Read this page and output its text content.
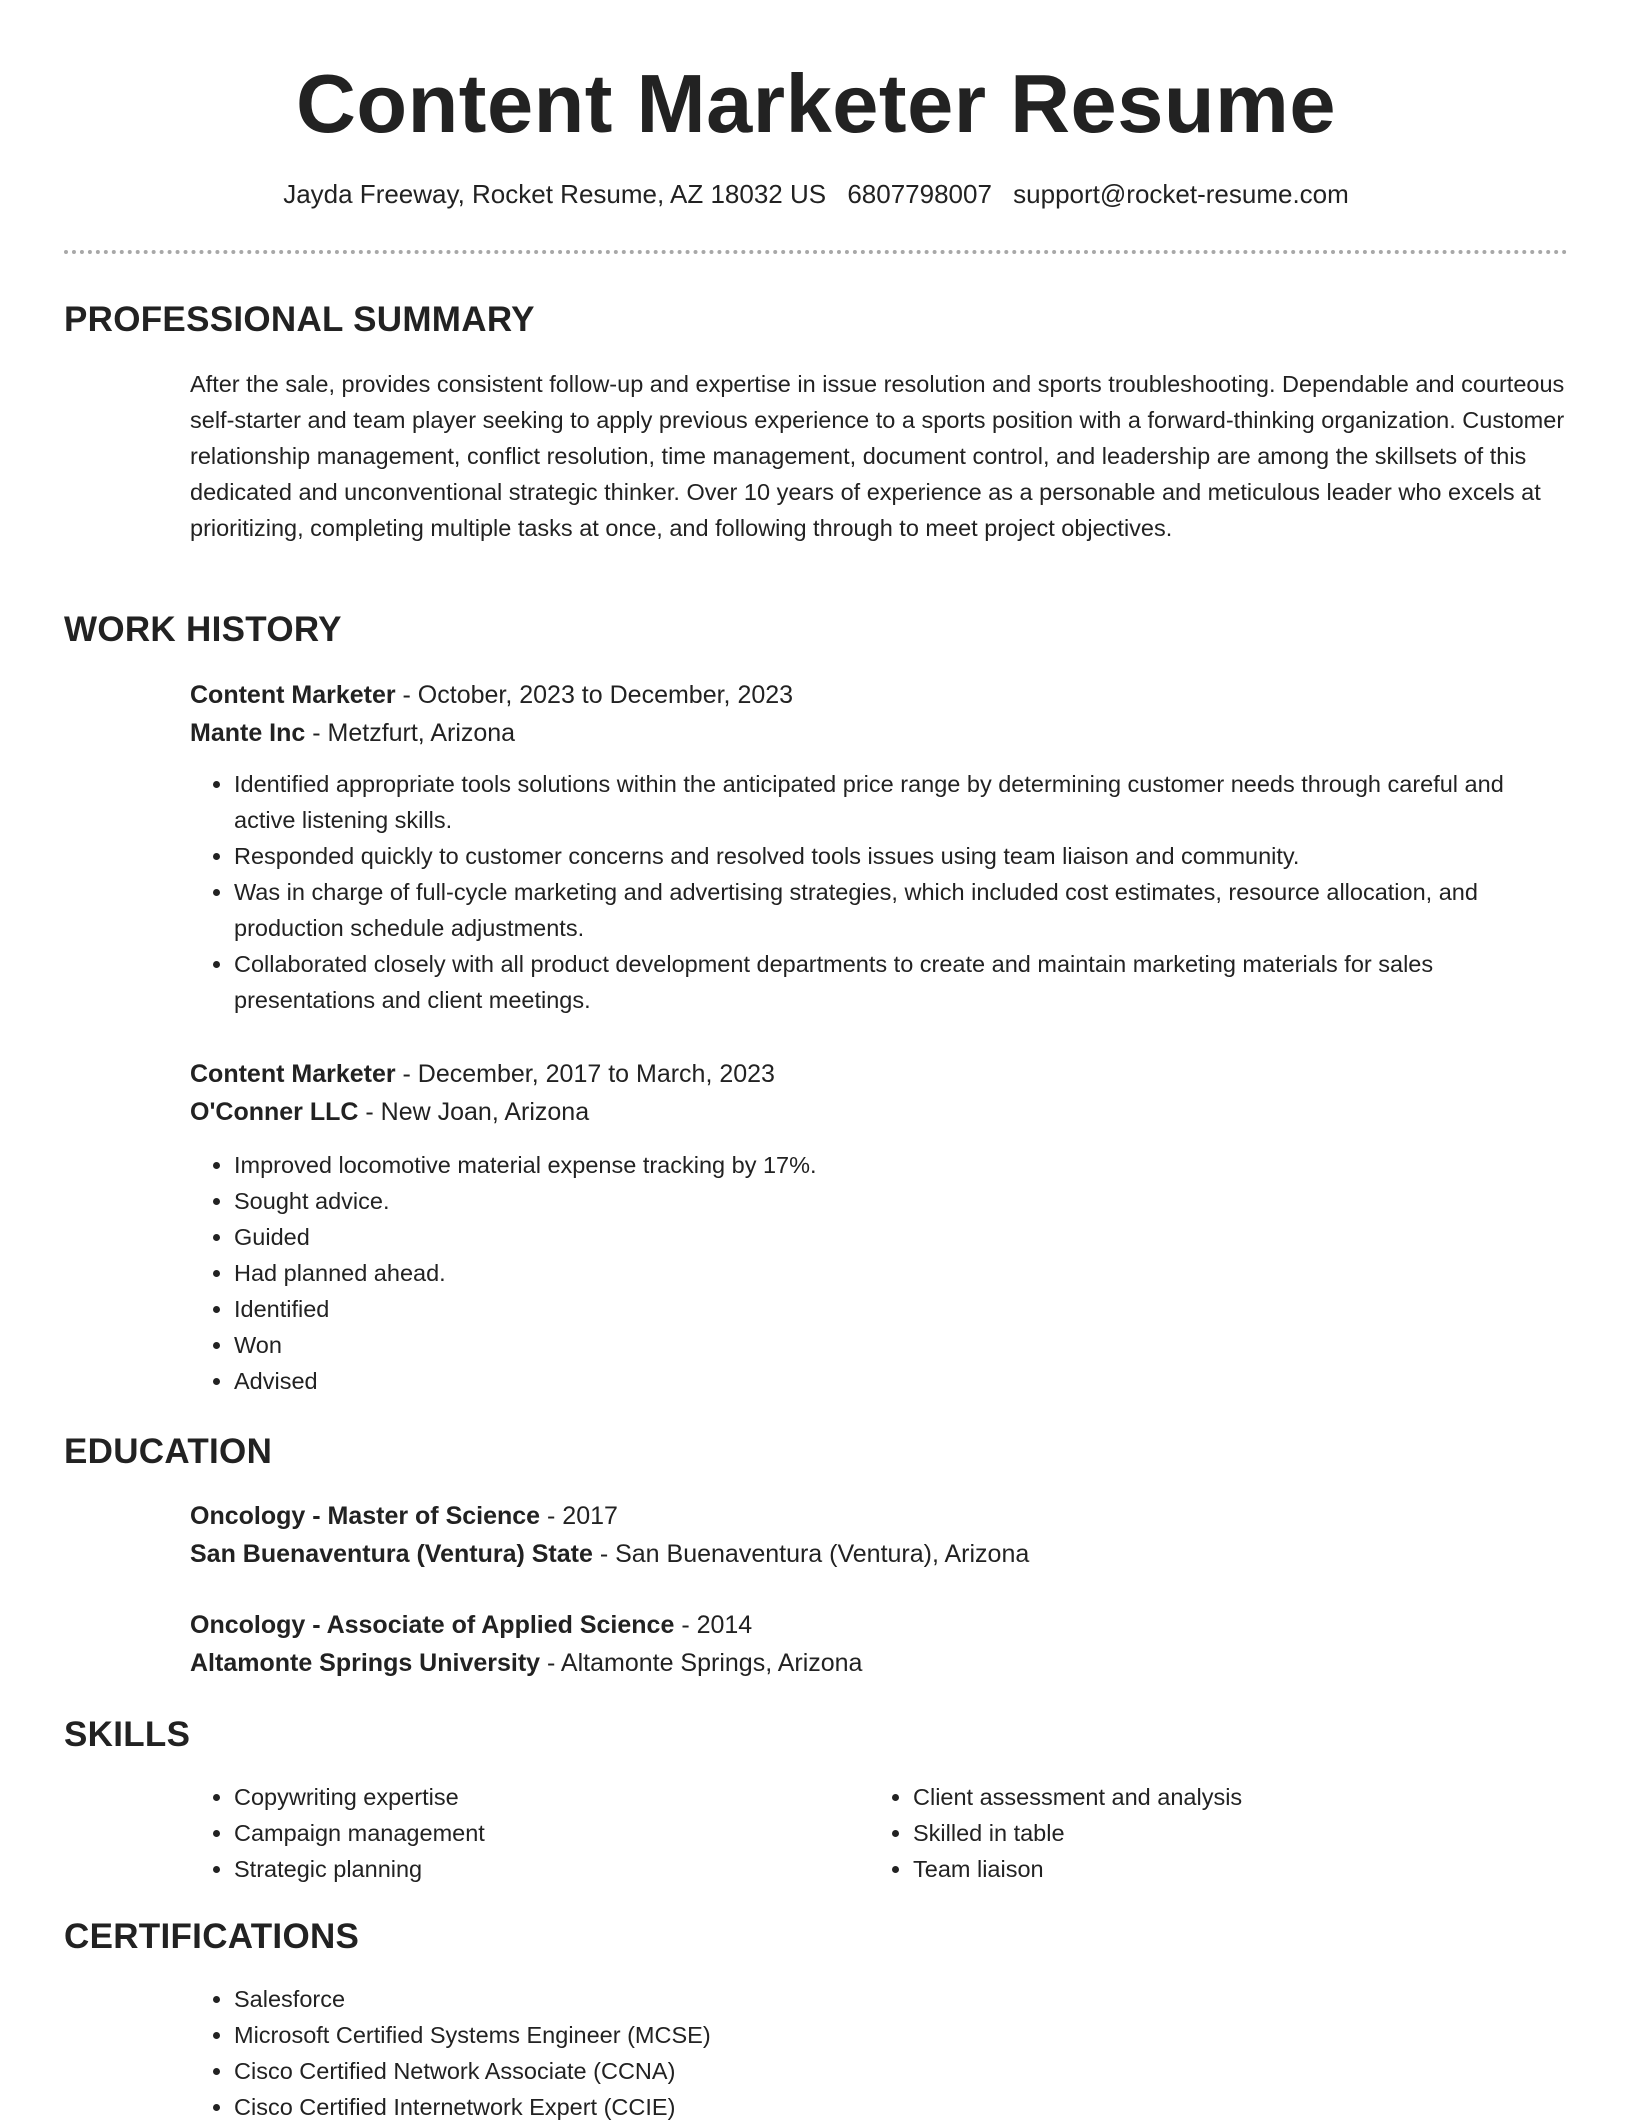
Content Marketer Resume
Jayda Freeway, Rocket Resume, AZ 18032 US 6807798007 support@rocket-resume.com
PROFESSIONAL SUMMARY

After the sale, provides consistent follow-up and expertise in issue resolution and sports troubleshooting. Dependable and courteous self-starter and team player seeking to apply previous experience to a sports position with a forward-thinking organization. Customer relationship management, conflict resolution, time management, document control, and leadership are among the skillsets of this dedicated and unconventional strategic thinker. Over 10 years of experience as a personable and meticulous leader who excels at prioritizing, completing multiple tasks at once, and following through to meet project objectives.

WORK HISTORY

Content Marketer - October, 2023 to December, 2023

Mante Inc - Metzfurt, Arizona

• Identified appropriate tools solutions within the anticipated price range by determining customer needs through careful and active listening skills.
• Responded quickly to customer concerns and resolved tools issues using team liaison and community.
• Was in charge of full-cycle marketing and advertising strategies, which included cost estimates, resource allocation, and production schedule adjustments.
• Collaborated closely with all product development departments to create and maintain marketing materials for sales presentations and client meetings.

Content Marketer - December, 2017 to March, 2023

O'Conner LLC - New Joan, Arizona

• Improved locomotive material expense tracking by 17%.
• Sought advice.
• Guided
• Had planned ahead.
• Identified
• Won
• Advised
EDUCATION

Oncology - Master of Science - 2017

San Buenaventura (Ventura) State - San Buenaventura (Ventura), Arizona

Oncology - Associate of Applied Science - 2014

Altamonte Springs University - Altamonte Springs, Arizona

SKILLS
• Copywriting expertise
• Campaign management
• Strategic planning
• Client assessment and analysis
• Skilled in table
• Team liaison
CERTIFICATIONS
• Salesforce
• Microsoft Certified Systems Engineer (MCSE)
• Cisco Certified Network Associate (CCNA)
• Cisco Certified Internetwork Expert (CCIE)
